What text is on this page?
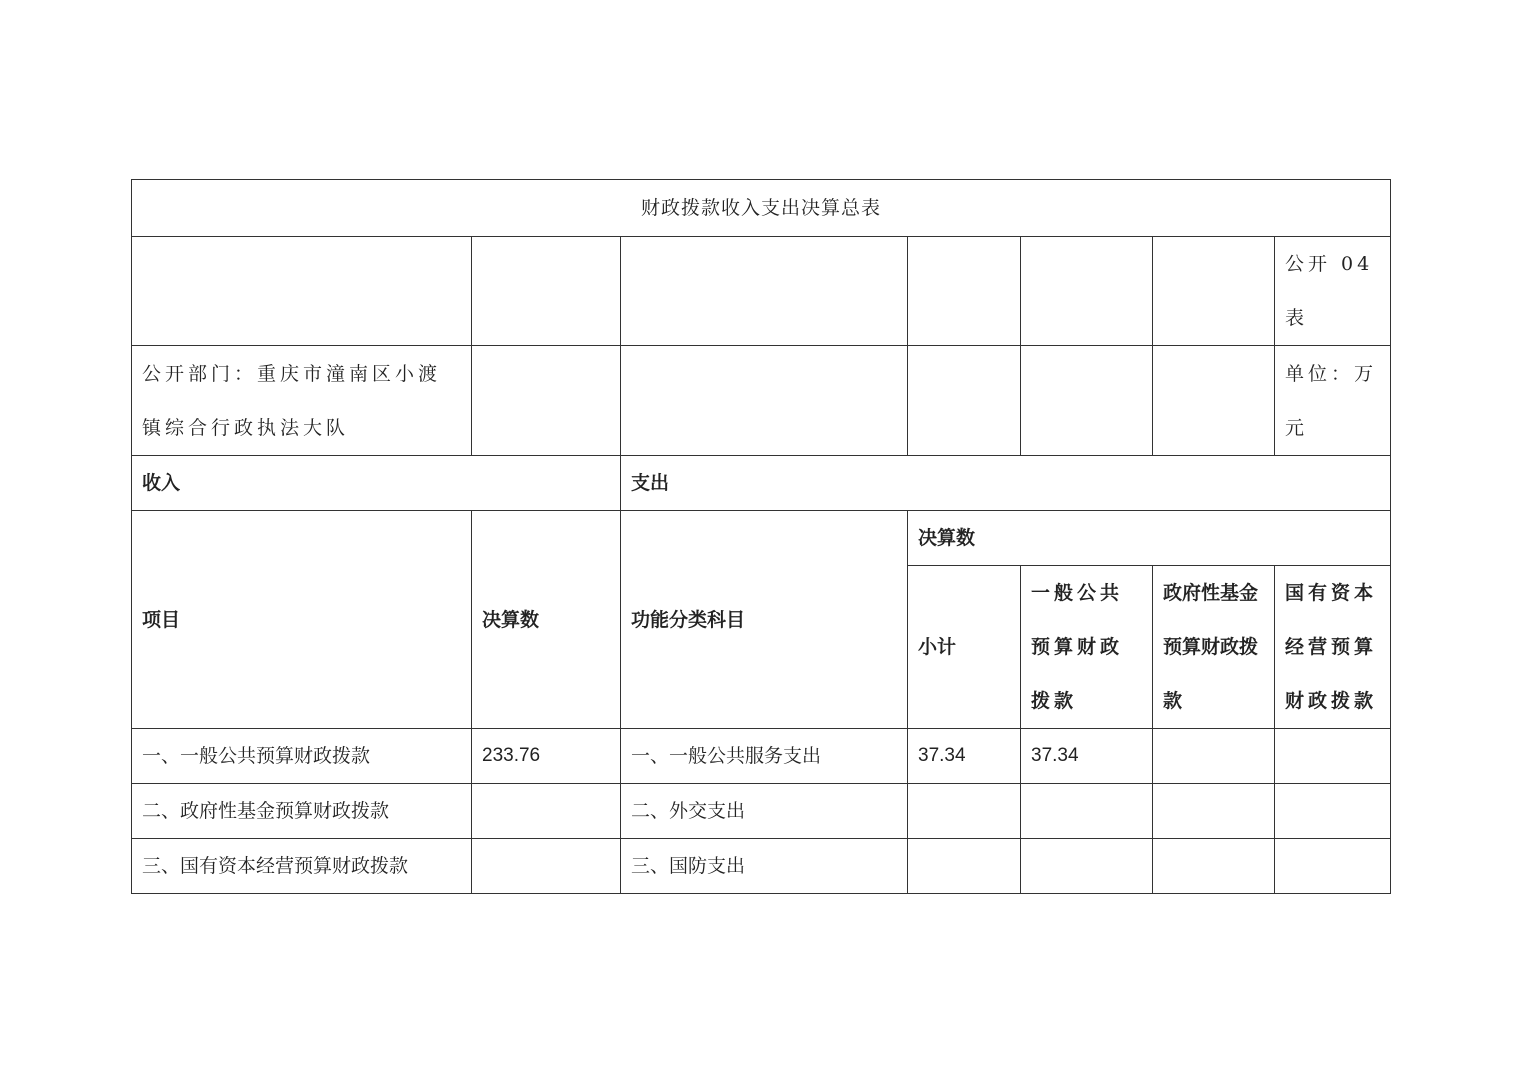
财政拨款收入支出决算总表						
						公开 04表
公开部门：重庆市潼南区小渡镇综合行政执法大队						单位：万元
收入		支出				
项目	决算数	功能分类科目	决算数			
			小计	一般公共预算财政拨款	政府性基金预算财政拨款	国有资本经营预算财政拨款
一、一般公共预算财政拨款	233.76	一、一般公共服务支出	37.34	37.34		
二、政府性基金预算财政拨款		二、外交支出				
三、国有资本经营预算财政拨款		三、国防支出				
